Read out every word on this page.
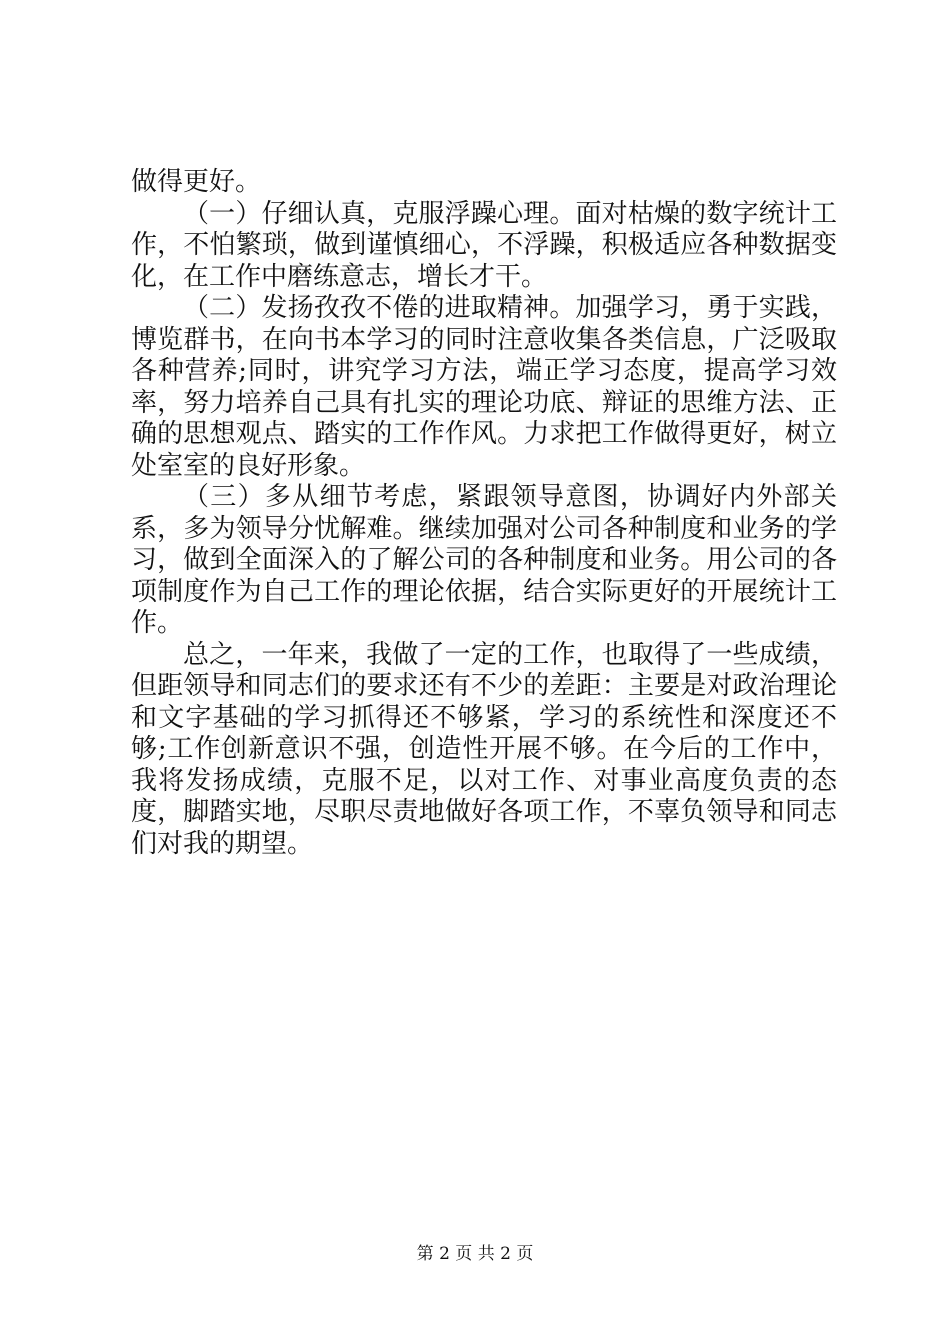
做得更好。

（一）仔细认真，克服浮躁心理。面对枯燥的数字统计工作，不怕繁琐，做到谨慎细心，不浮躁，积极适应各种数据变化，在工作中磨练意志，增长才干。

（二）发扬孜孜不倦的进取精神。加强学习，勇于实践，博览群书，在向书本学习的同时注意收集各类信息，广泛吸取各种营养;同时，讲究学习方法，端正学习态度，提高学习效率，努力培养自己具有扎实的理论功底、辩证的思维方法、正确的思想观点、踏实的工作作风。力求把工作做得更好，树立处室室的良好形象。

（三）多从细节考虑，紧跟领导意图，协调好内外部关系，多为领导分忧解难。继续加强对公司各种制度和业务的学习，做到全面深入的了解公司的各种制度和业务。用公司的各项制度作为自己工作的理论依据，结合实际更好的开展统计工作。

总之，一年来，我做了一定的工作，也取得了一些成绩，但距领导和同志们的要求还有不少的差距：主要是对政治理论和文字基础的学习抓得还不够紧，学习的系统性和深度还不够;工作创新意识不强，创造性开展不够。在今后的工作中，我将发扬成绩，克服不足，以对工作、对事业高度负责的态度，脚踏实地，尽职尽责地做好各项工作，不辜负领导和同志们对我的期望。

第 2 页 共 2 页
